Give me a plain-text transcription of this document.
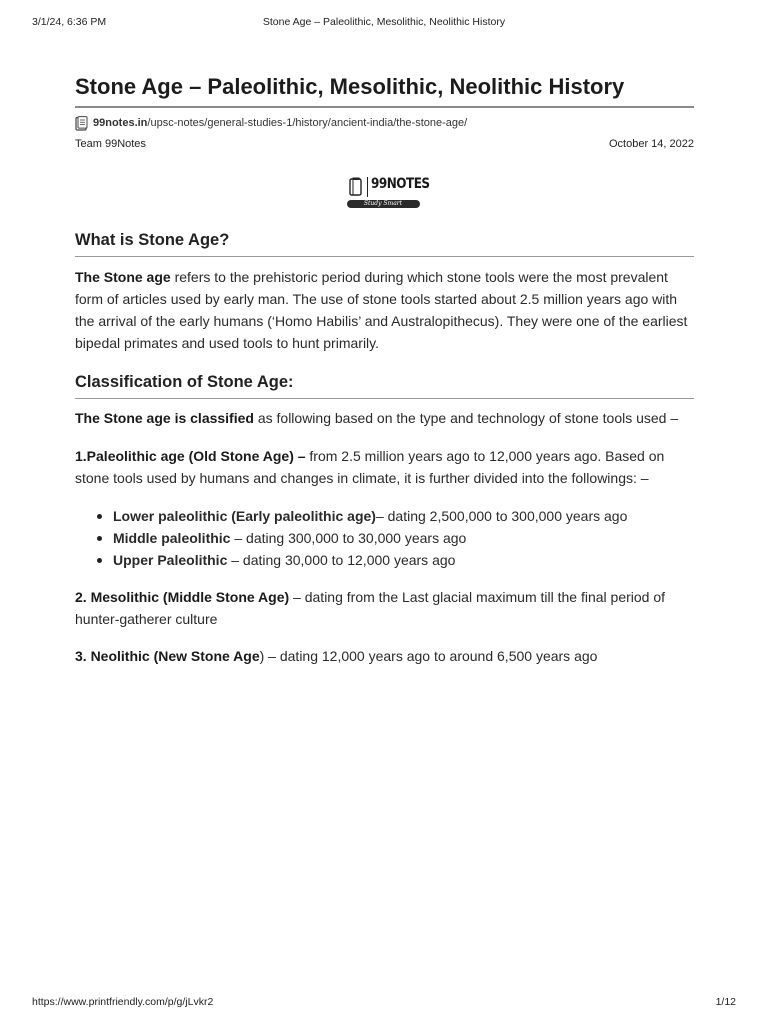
3/1/24, 6:36 PM	Stone Age – Paleolithic, Mesolithic, Neolithic History
Stone Age – Paleolithic, Mesolithic, Neolithic History
99notes.in /upsc-notes/general-studies-1/history/ancient-india/the-stone-age/
Team 99Notes	October 14, 2022
99NOTES
Study Smart
What is Stone Age?

The Stone age refers to the prehistoric period during which stone tools were the most prevalent form of articles used by early man. The use of stone tools started about 2.5 million years ago with the arrival of the early humans (‘Homo Habilis’ and Australopithecus). They were one of the earliest bipedal primates and used tools to hunt primarily.

Classification of Stone Age:

The Stone age is classified as following based on the type and technology of stone tools used –

1.Paleolithic age (Old Stone Age) – from 2.5 million years ago to 12,000 years ago. Based on stone tools used by humans and changes in climate, it is further divided into the followings: –

Lower paleolithic (Early paleolithic age)– dating 2,500,000 to 300,000 years ago
Middle paleolithic – dating 300,000 to 30,000 years ago
Upper Paleolithic – dating 30,000 to 12,000 years ago

2. Mesolithic (Middle Stone Age) – dating from the Last glacial maximum till the final period of hunter-gatherer culture

3. Neolithic (New Stone Age) – dating 12,000 years ago to around 6,500 years ago

https://www.printfriendly.com/p/g/jLvkr2	1/12
